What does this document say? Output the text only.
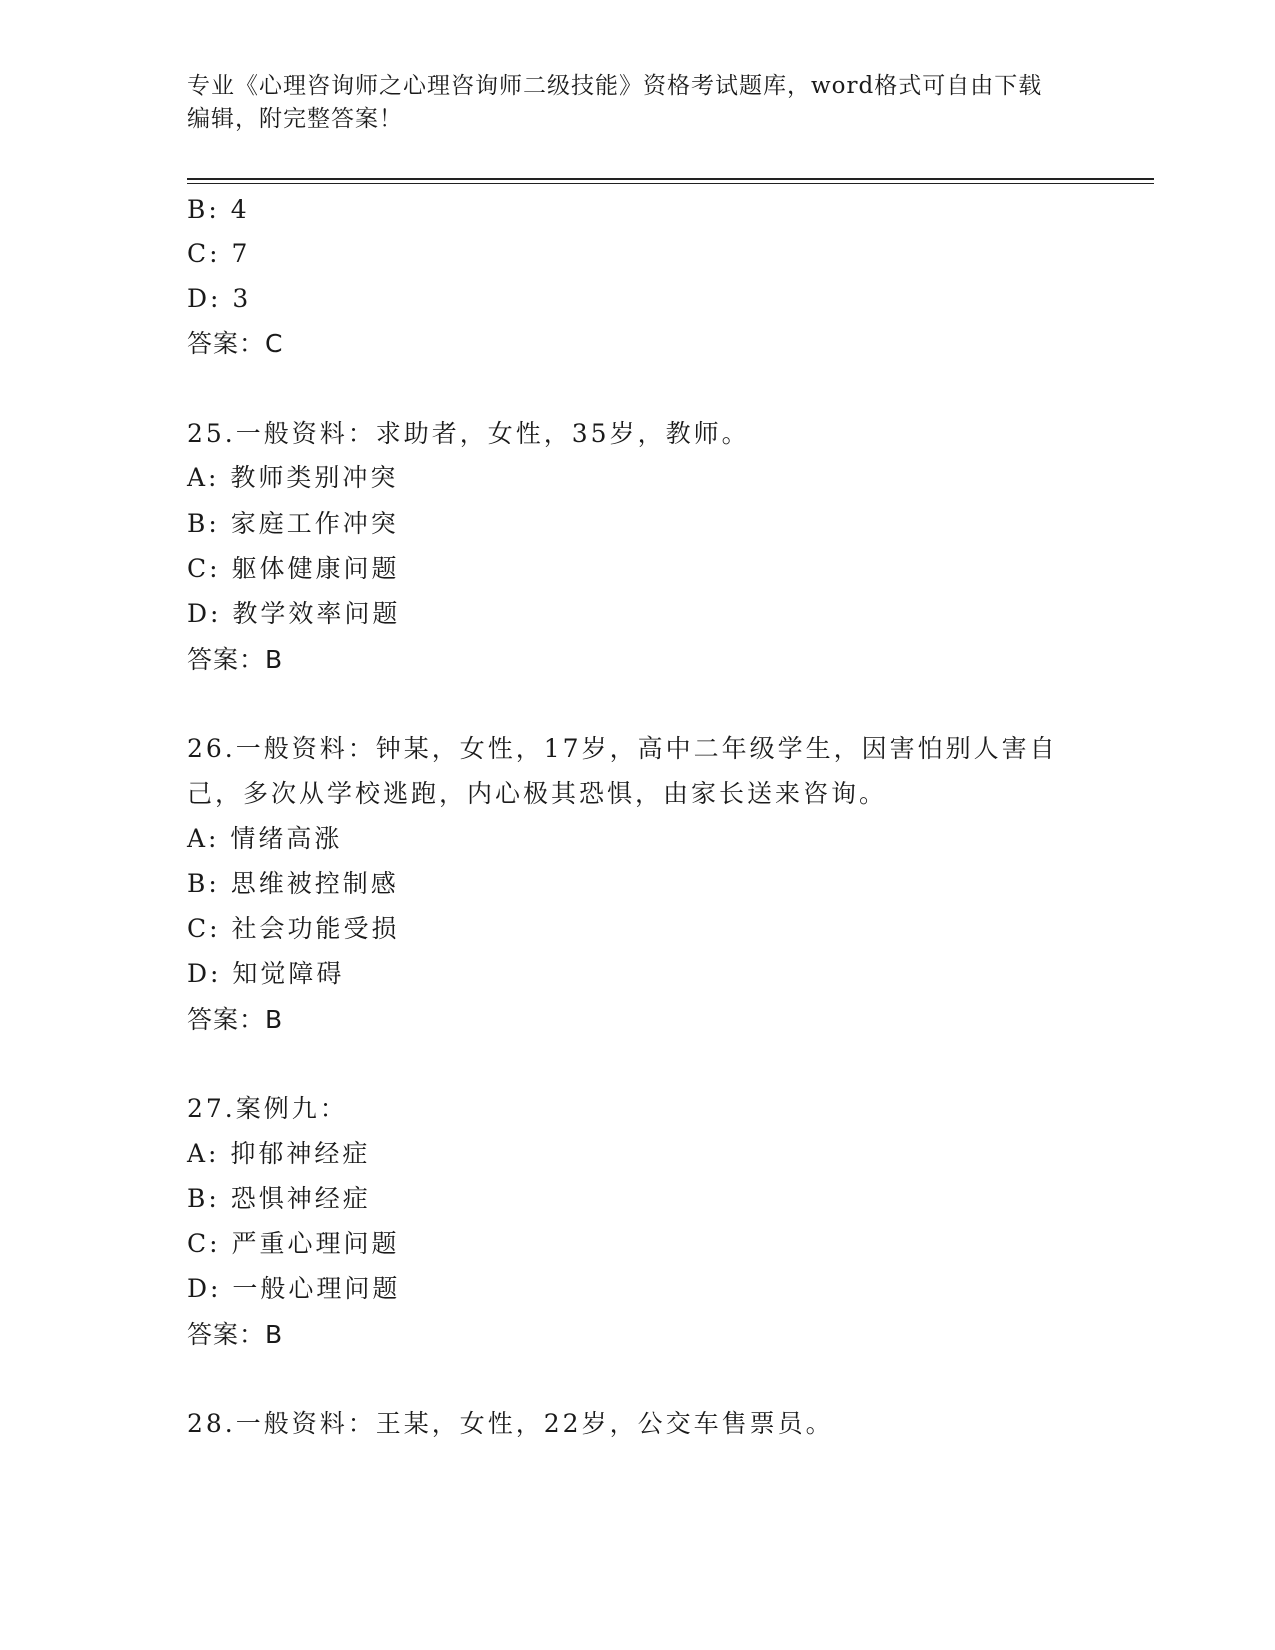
专业《心理咨询师之心理咨询师二级技能》资格考试题库，word格式可自由下载
编辑，附完整答案！
B: 4
C: 7
D: 3
答案：C
25.一般资料：求助者，女性，35岁，教师。
A: 教师类别冲突
B: 家庭工作冲突
C: 躯体健康问题
D: 教学效率问题
答案：B
26.一般资料：钟某，女性，17岁，高中二年级学生，因害怕别人害自
己，多次从学校逃跑，内心极其恐惧，由家长送来咨询。
A: 情绪高涨
B: 思维被控制感
C: 社会功能受损
D: 知觉障碍
答案：B
27.案例九：
A: 抑郁神经症
B: 恐惧神经症
C: 严重心理问题
D: 一般心理问题
答案：B
28.一般资料：王某，女性，22岁，公交车售票员。
